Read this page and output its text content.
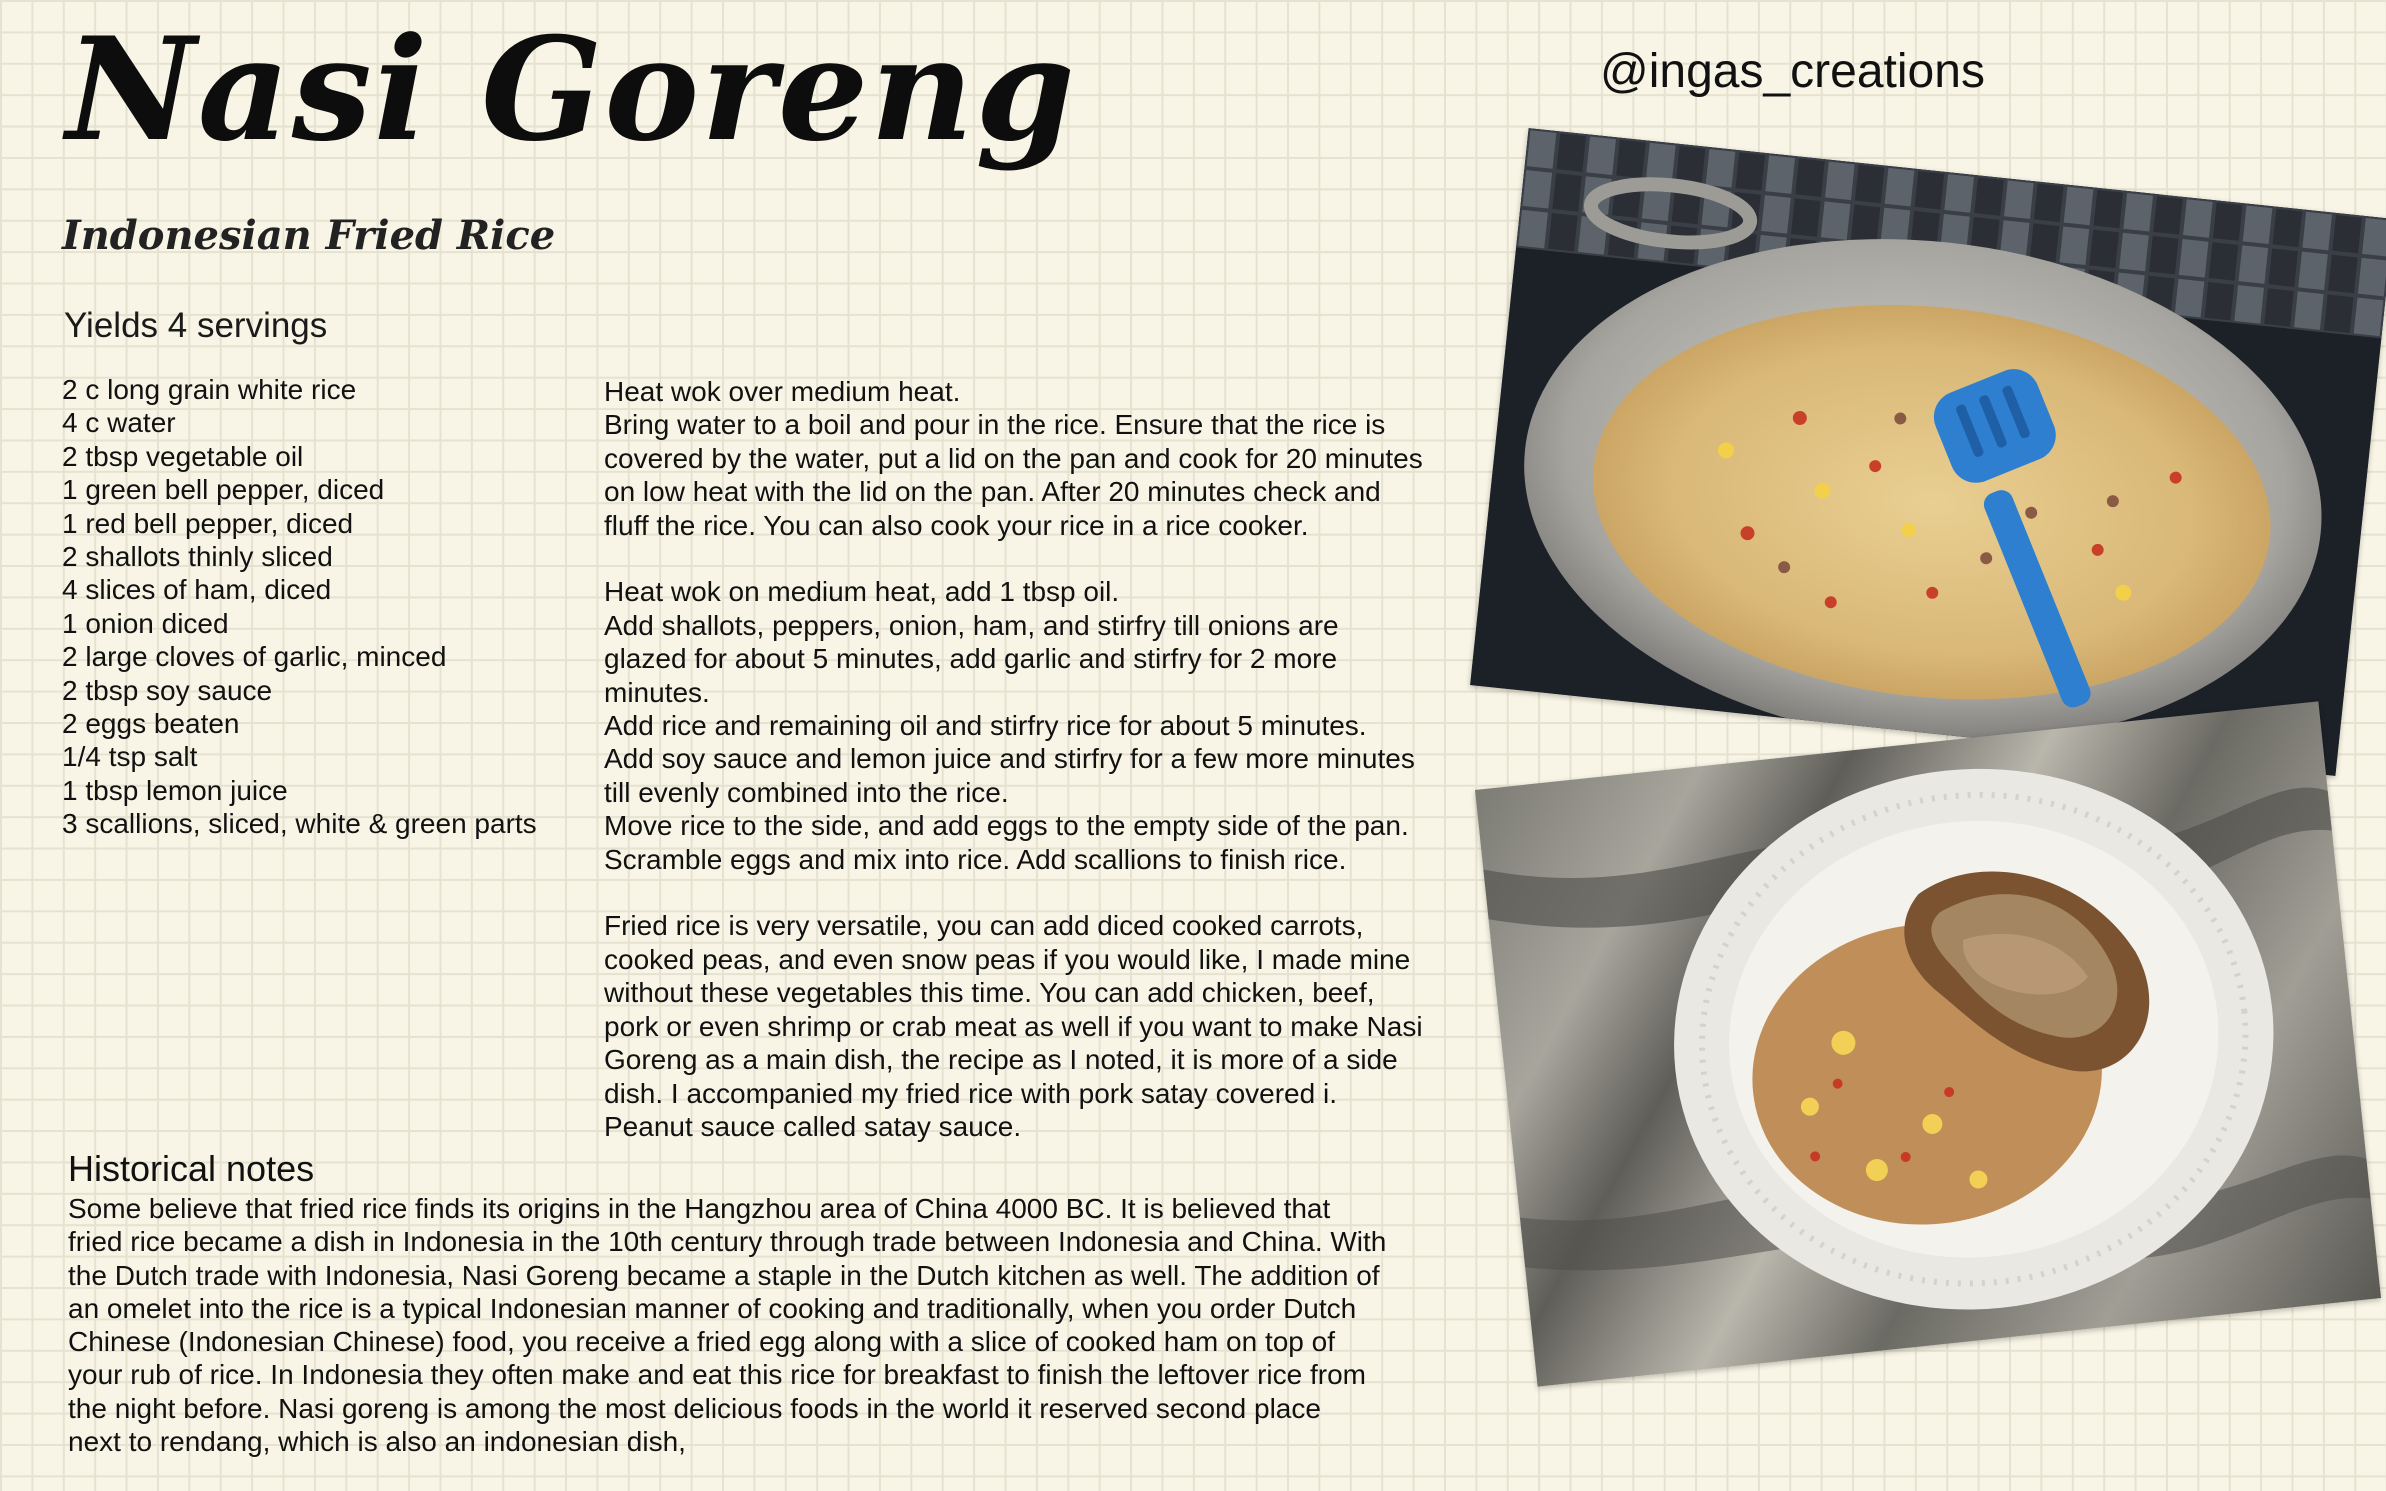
Nasi Goreng
Indonesian Fried Rice
@ingas_creations
Yields 4 servings
2 c long grain white rice
4 c water
2 tbsp vegetable oil
1 green bell pepper, diced
1 red bell pepper, diced
2 shallots thinly sliced
4 slices of ham, diced
1 onion diced
2 large cloves of garlic, minced
2 tbsp soy sauce
2 eggs beaten
1/4 tsp salt
1 tbsp lemon juice
3 scallions, sliced, white & green parts

Heat wok over medium heat.

Bring water to a boil and pour in the rice. Ensure that the rice is

covered by the water, put a lid on the pan and cook for 20 minutes

on low heat with the lid on the pan. After 20 minutes check and

fluff the rice. You can also cook your rice in a rice cooker.

Heat wok on medium heat, add 1 tbsp oil.

Add shallots, peppers, onion, ham, and stirfry till onions are

glazed for about 5 minutes, add garlic and stirfry for 2 more

minutes.

Add rice and remaining oil and stirfry rice for about 5 minutes.

Add soy sauce and lemon juice and stirfry for a few more minutes

till evenly combined into the rice.

Move rice to the side, and add eggs to the empty side of the pan.

Scramble eggs and mix into rice. Add scallions to finish rice.

Fried rice is very versatile, you can add diced cooked carrots,

cooked peas, and even snow peas if you would like, I made mine

without these vegetables this time. You can add chicken, beef,

pork or even shrimp or crab meat as well if you want to make Nasi

Goreng as a main dish, the recipe as I noted, it is more of a side

dish. I accompanied my fried rice with pork satay covered i.

Peanut sauce called satay sauce.

Historical notes

Some believe that fried rice finds its origins in the Hangzhou area of China 4000 BC. It is believed that

fried rice became a dish in Indonesia in the 10th century through trade between Indonesia and China. With

the Dutch trade with Indonesia, Nasi Goreng became a staple in the Dutch kitchen as well. The addition of

an omelet into the rice is a typical Indonesian manner of cooking and traditionally, when you order Dutch

Chinese (Indonesian Chinese) food, you receive a fried egg along with a slice of cooked ham on top of

your rub of rice. In Indonesia they often make and eat this rice for breakfast to finish the leftover rice from

the night before. Nasi goreng is among the most delicious foods in the world it reserved second place

next to rendang, which is also an indonesian dish,
